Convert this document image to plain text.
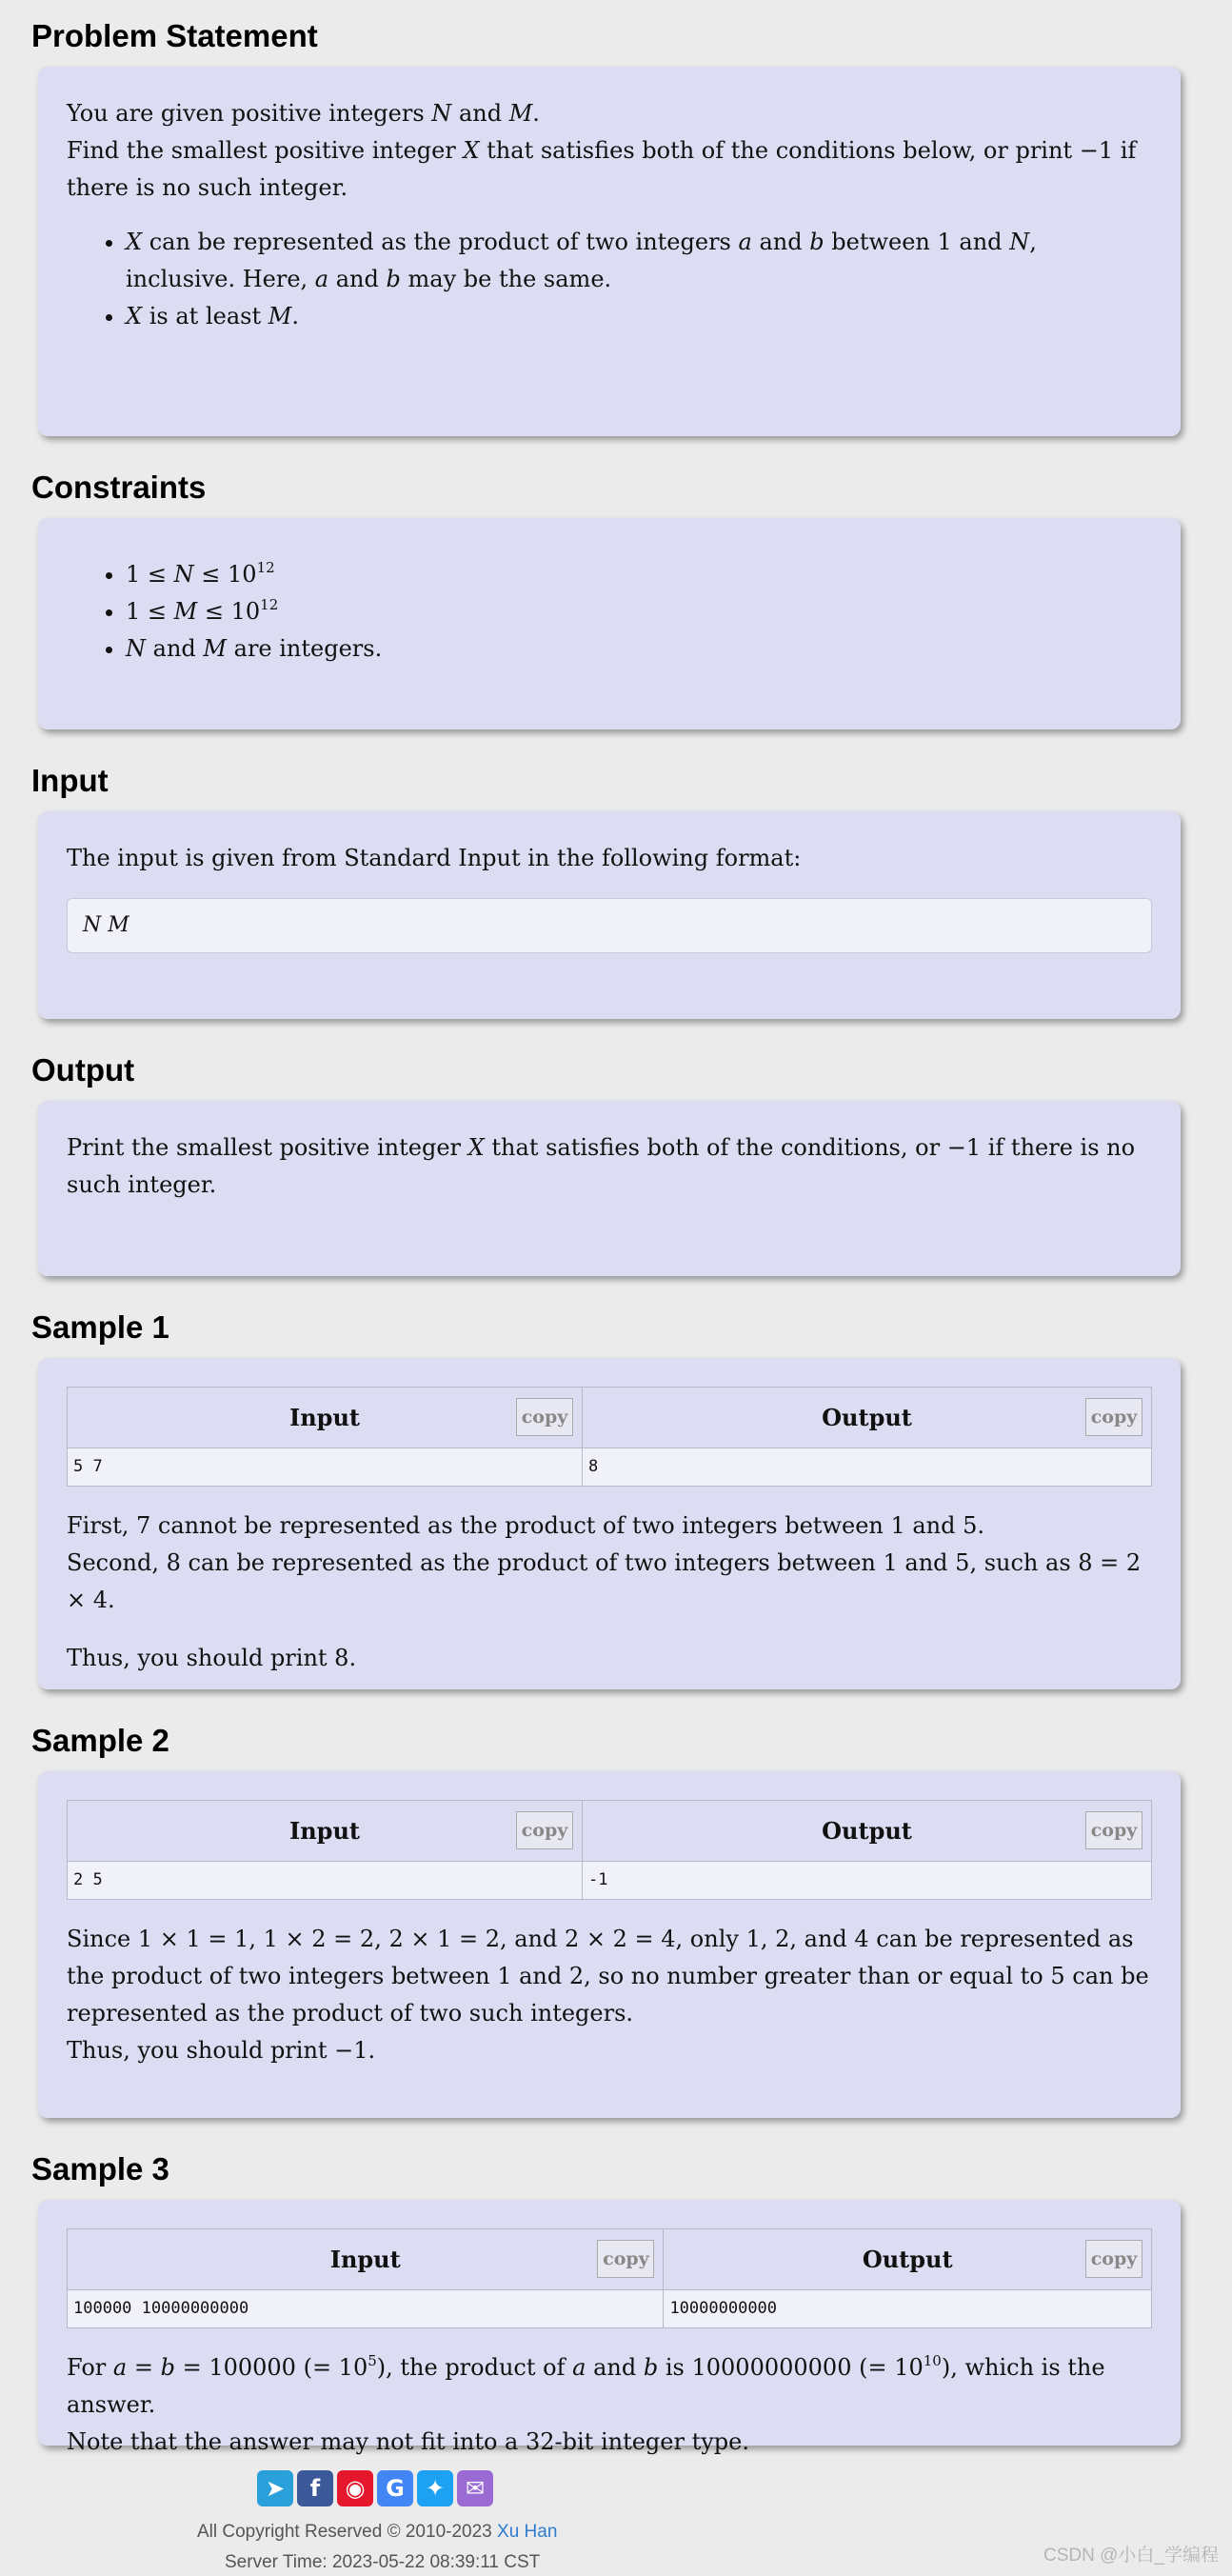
Problem Statement

You are given positive integers N and M.

Find the smallest positive integer X that satisfies both of the conditions below, or print −1 if there is no such integer.

• X can be represented as the product of two integers a and b between 1 and N, inclusive. Here, a and b may be the same.
• X is at least M.
Constraints
• $1 \le N \le 10^{12}$
• $1 \le M \le 10^{12}$
• N and M are integers.
Input

The input is given from Standard Input in the following format:

N M
Output

Print the smallest positive integer X that satisfies both of the conditions, or −1 if there is no such integer.

Sample 1
Input copy	Output copy

5 7	8

First, 7 cannot be represented as the product of two integers between 1 and 5.

Second, 8 can be represented as the product of two integers between 1 and 5, such as 8 = 2 × 4.

Thus, you should print 8.

Sample 2
Input copy	Output copy

2 5	-1

Since 1 × 1 = 1, 1 × 2 = 2, 2 × 1 = 2, and 2 × 2 = 4, only 1, 2, and 4 can be represented as the product of two integers between 1 and 2, so no number greater than or equal to 5 can be represented as the product of two such integers.

Thus, you should print −1.

Sample 3
Input copy	Output copy

100000 10000000000	10000000000

For a = b = 100000 (= $10^5$), the product of a and b is 10000000000 (= $10^{10}$), which is the answer.

Note that the answer may not fit into a 32-bit integer type.

➤	f	◉ G ✦ ✉
All Copyright Reserved © 2010-2023 Xu Han
Server Time: 2023-05-22 08:39:11 CST	CSDN @小白_学编程
